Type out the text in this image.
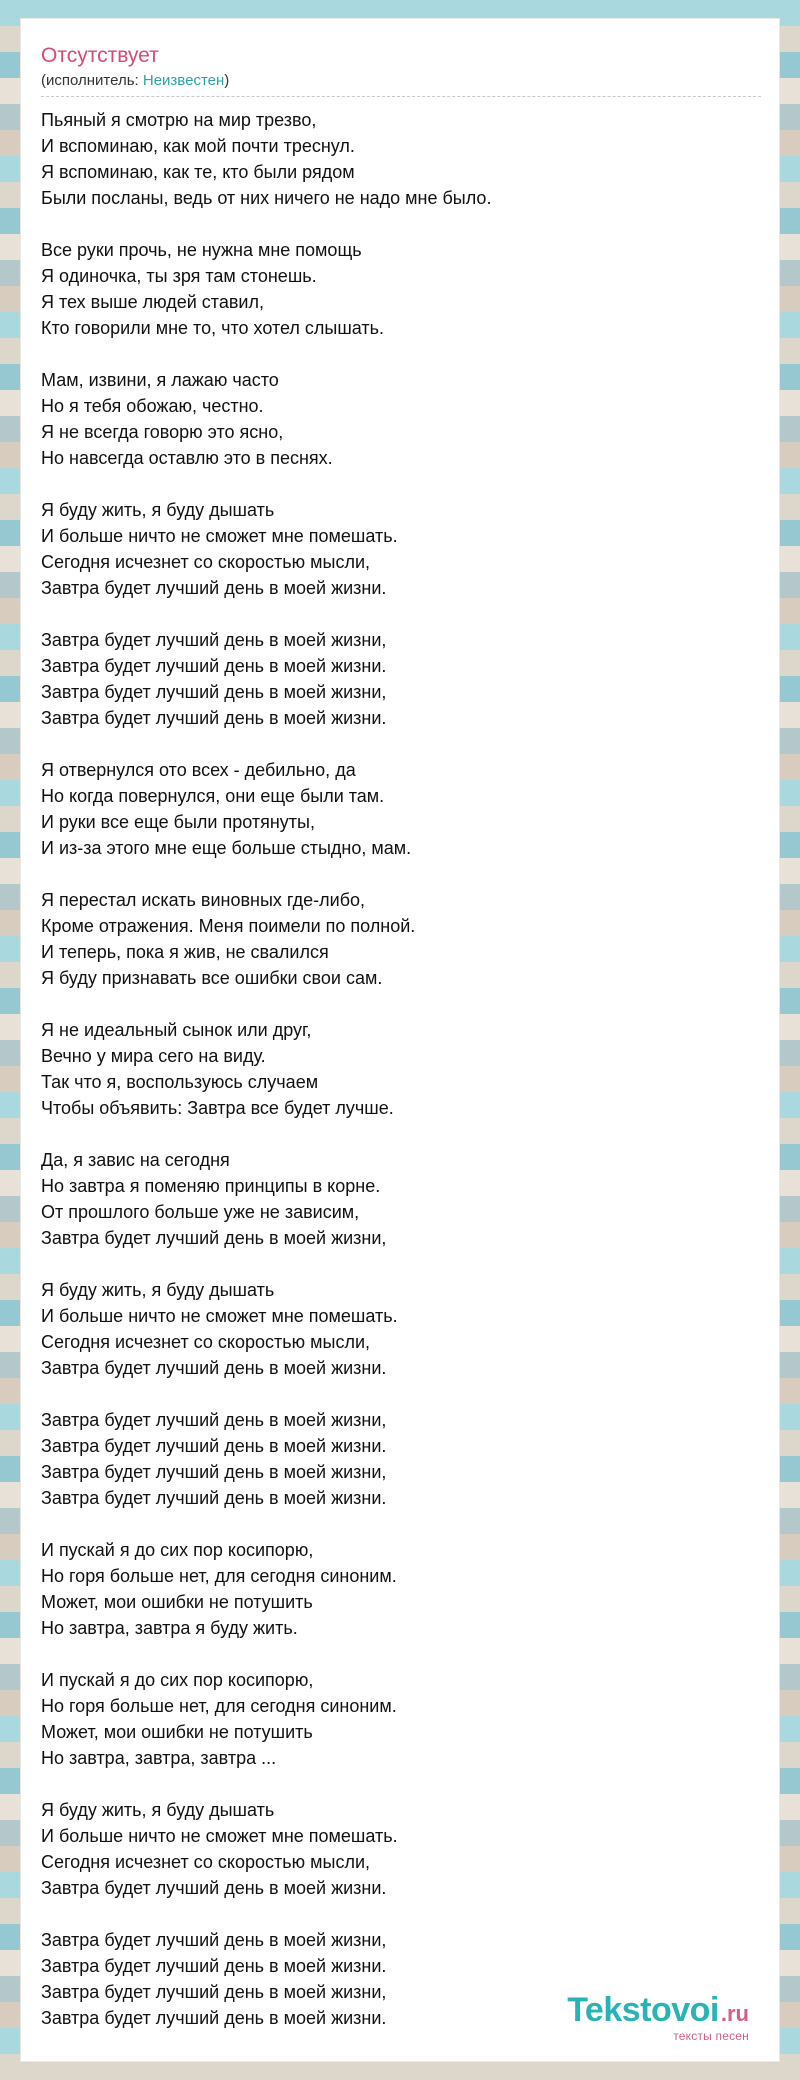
Отсутствует
(исполнитель: Неизвестен)
Пьяный я смотрю на мир трезво,
И вспоминаю, как мой почти треснул.
Я вспоминаю, как те, кто были рядом
Были посланы, ведь от них ничего не надо мне было.
Все руки прочь, не нужна мне помощь
Я одиночка, ты зря там стонешь.
Я тех выше людей ставил,
Кто говорили мне то, что хотел слышать.
Мам, извини, я лажаю часто
Но я тебя обожаю, честно.
Я не всегда говорю это ясно,
Но навсегда оставлю это в песнях.
Я буду жить, я буду дышать
И больше ничто не сможет мне помешать.
Сегодня исчезнет со скоростью мысли,
Завтра будет лучший день в моей жизни.
Завтра будет лучший день в моей жизни,
Завтра будет лучший день в моей жизни.
Завтра будет лучший день в моей жизни,
Завтра будет лучший день в моей жизни.
Я отвернулся ото всех - дебильно, да
Но когда повернулся, они еще были там.
И руки все еще были протянуты,
И из-за этого мне еще больше стыдно, мам.
Я перестал искать виновных где-либо,
Кроме отражения. Меня поимели по полной.
И теперь, пока я жив, не свалился
Я буду признавать все ошибки свои сам.
Я не идеальный сынок или друг,
Вечно у мира сего на виду.
Так что я, воспользуюсь случаем
Чтобы объявить: Завтра все будет лучше.
Да, я завис на сегодня
Но завтра я поменяю принципы в корне.
От прошлого больше уже не зависим,
Завтра будет лучший день в моей жизни,
Я буду жить, я буду дышать
И больше ничто не сможет мне помешать.
Сегодня исчезнет со скоростью мысли,
Завтра будет лучший день в моей жизни.
Завтра будет лучший день в моей жизни,
Завтра будет лучший день в моей жизни.
Завтра будет лучший день в моей жизни,
Завтра будет лучший день в моей жизни.
И пускай я до сих пор косипорю,
Но горя больше нет, для сегодня синоним.
Может, мои ошибки не потушить
Но завтра, завтра я буду жить.
И пускай я до сих пор косипорю,
Но горя больше нет, для сегодня синоним.
Может, мои ошибки не потушить
Но завтра, завтра, завтра ...
Я буду жить, я буду дышать
И больше ничто не сможет мне помешать.
Сегодня исчезнет со скоростью мысли,
Завтра будет лучший день в моей жизни.
Завтра будет лучший день в моей жизни,
Завтра будет лучший день в моей жизни.
Завтра будет лучший день в моей жизни,
Завтра будет лучший день в моей жизни.	Tekstovoi .ru
тексты песен
